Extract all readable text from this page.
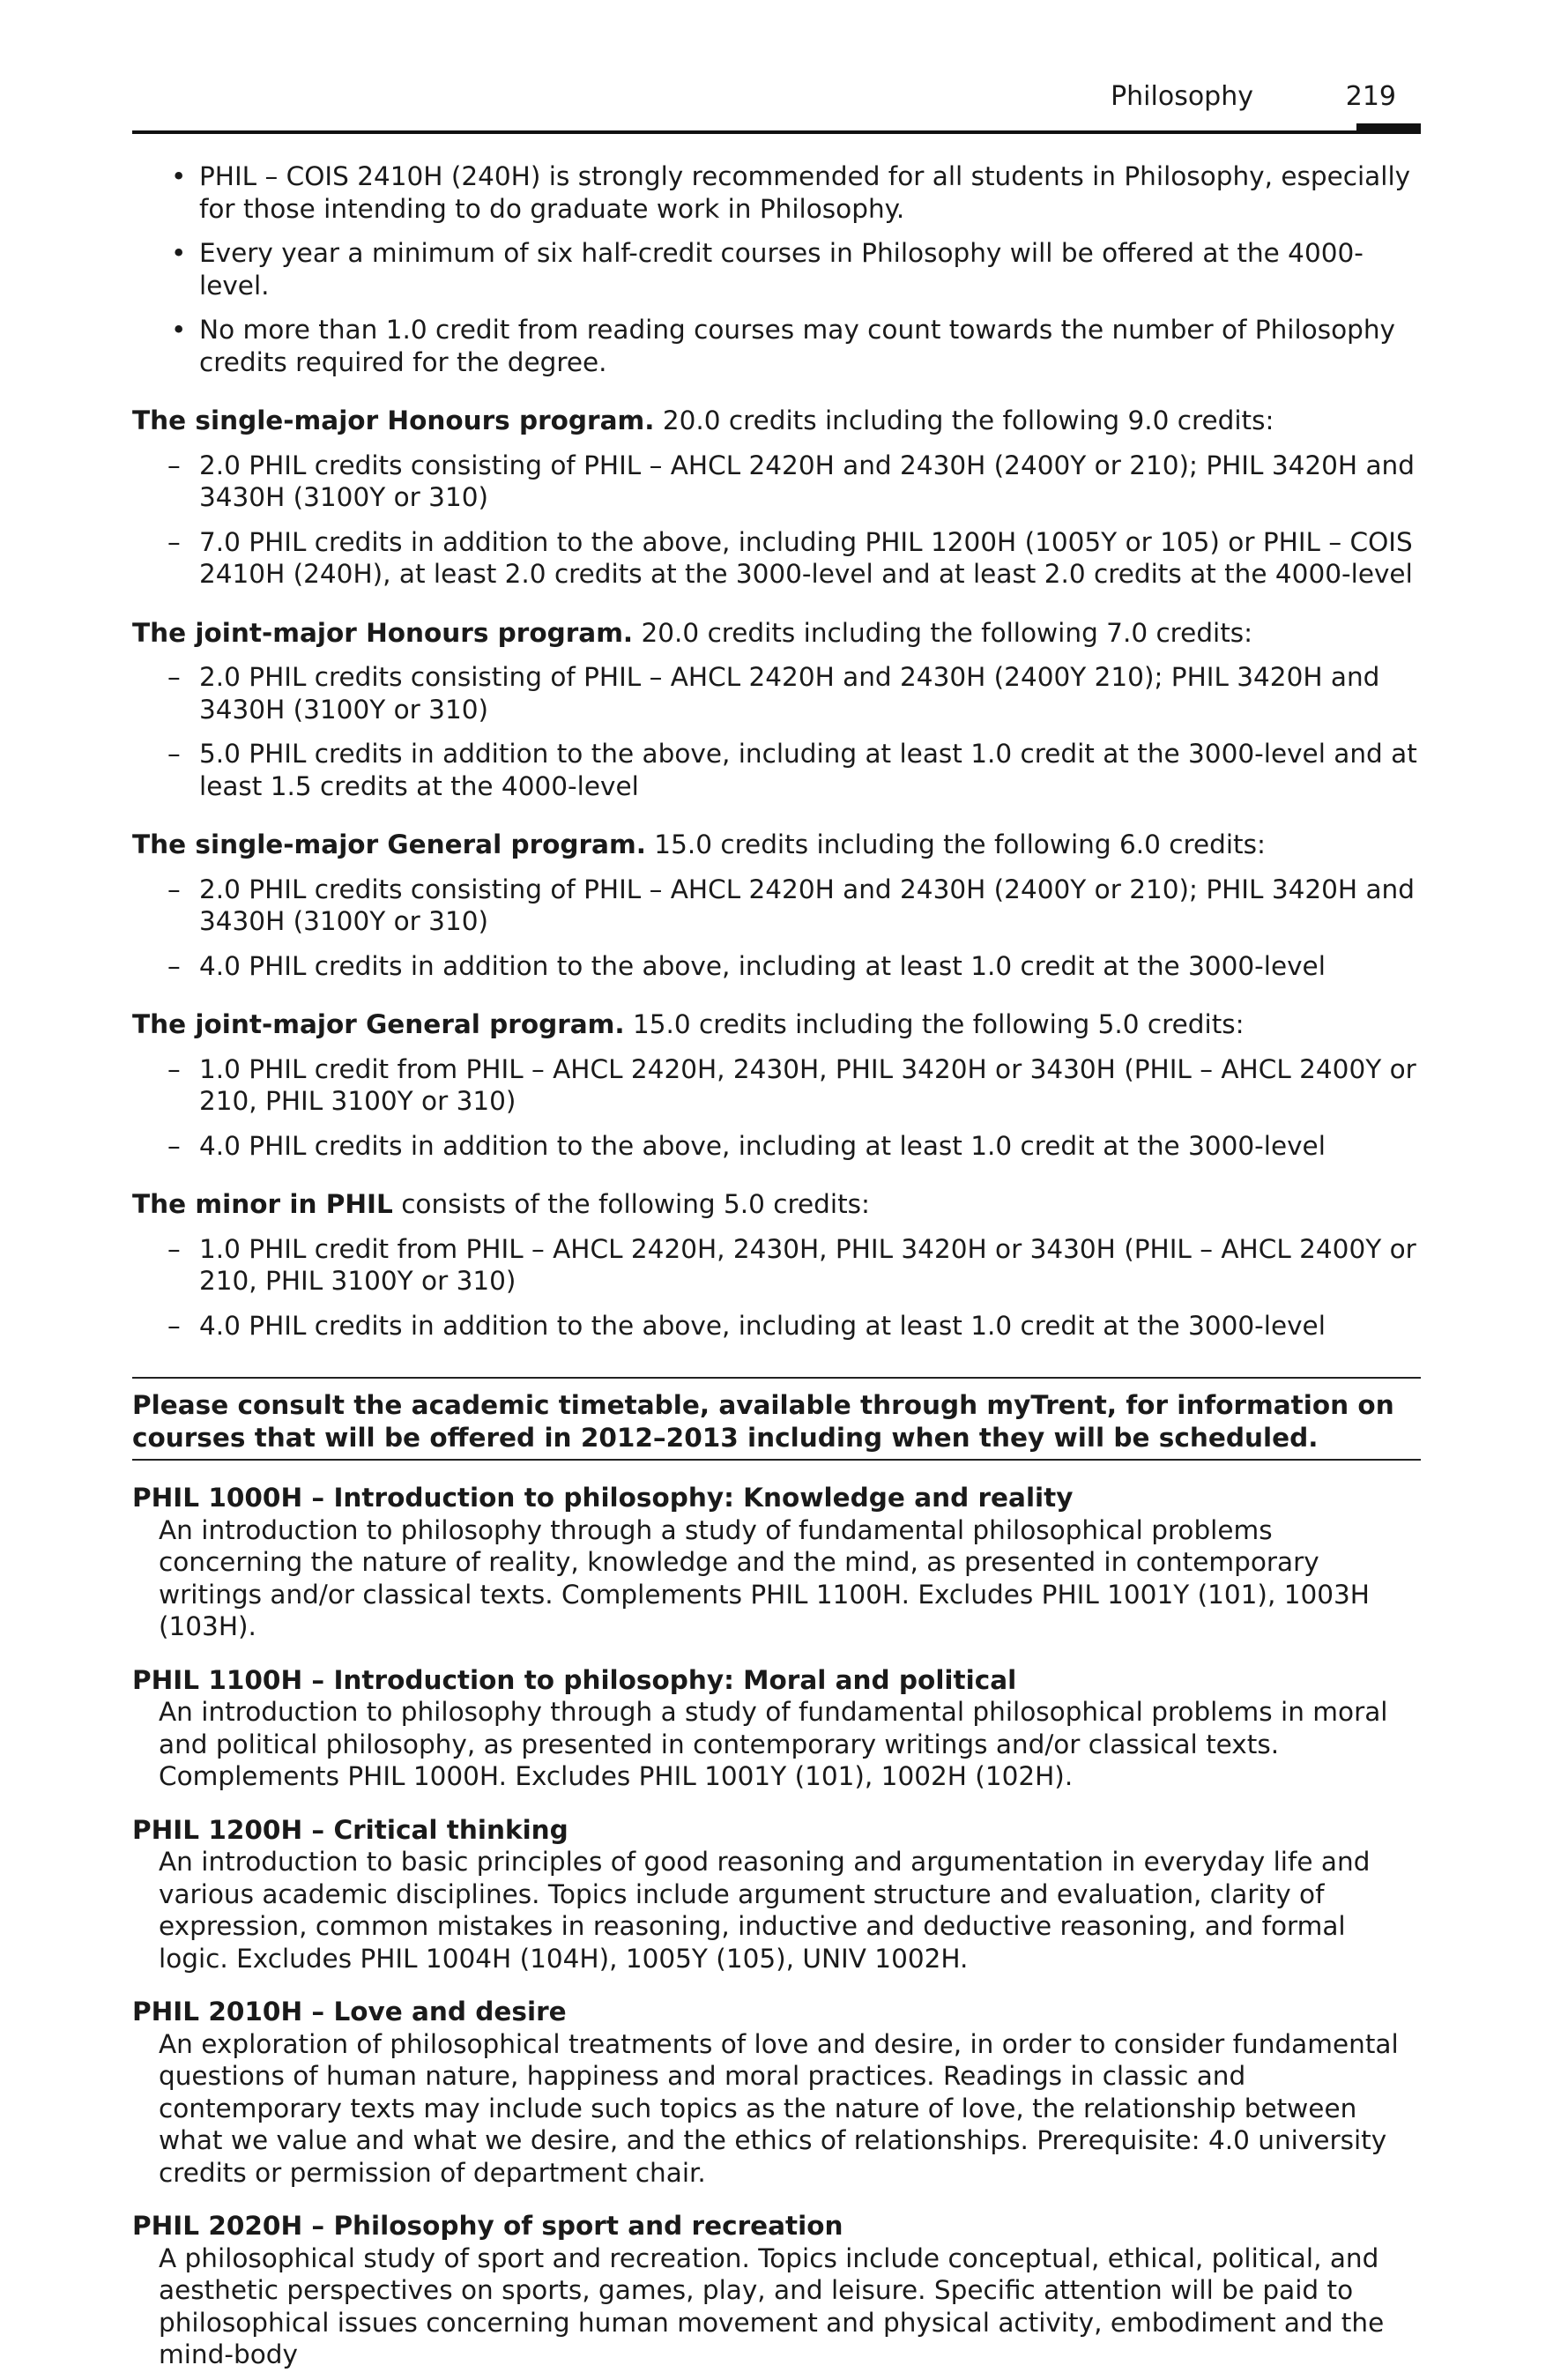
Philosophy	219
• PHIL – COIS 2410H (240H) is strongly recommended for all students in Philosophy, especially for those intending to do graduate work in Philosophy.
• Every year a minimum of six half-credit courses in Philosophy will be offered at the 4000-level.
• No more than 1.0 credit from reading courses may count towards the number of Philosophy credits required for the degree.
The single-major Honours program. 20.0 credits including the following 9.0 credits:
– 2.0 PHIL credits consisting of PHIL – AHCL 2420H and 2430H (2400Y or 210); PHIL 3420H and 3430H (3100Y or 310)
– 7.0 PHIL credits in addition to the above, including PHIL 1200H (1005Y or 105) or PHIL – COIS 2410H (240H), at least 2.0 credits at the 3000-level and at least 2.0 credits at the 4000-level
The joint-major Honours program. 20.0 credits including the following 7.0 credits:
– 2.0 PHIL credits consisting of PHIL – AHCL 2420H and 2430H (2400Y 210); PHIL 3420H and 3430H (3100Y or 310)
– 5.0 PHIL credits in addition to the above, including at least 1.0 credit at the 3000-level and at least 1.5 credits at the 4000-level
The single-major General program. 15.0 credits including the following 6.0 credits:
– 2.0 PHIL credits consisting of PHIL – AHCL 2420H and 2430H (2400Y or 210); PHIL 3420H and 3430H (3100Y or 310)
– 4.0 PHIL credits in addition to the above, including at least 1.0 credit at the 3000-level
The joint-major General program. 15.0 credits including the following 5.0 credits:
– 1.0 PHIL credit from PHIL – AHCL 2420H, 2430H, PHIL 3420H or 3430H (PHIL – AHCL 2400Y or 210, PHIL 3100Y or 310)
– 4.0 PHIL credits in addition to the above, including at least 1.0 credit at the 3000-level
The minor in PHIL consists of the following 5.0 credits:
– 1.0 PHIL credit from PHIL – AHCL 2420H, 2430H, PHIL 3420H or 3430H (PHIL – AHCL 2400Y or 210, PHIL 3100Y or 310)
– 4.0 PHIL credits in addition to the above, including at least 1.0 credit at the 3000-level
Please consult the academic timetable, available through myTrent, for information on courses that will be offered in 2012–2013 including when they will be scheduled.
PHIL 1000H – Introduction to philosophy: Knowledge and reality
An introduction to philosophy through a study of fundamental philosophical problems concerning the nature of reality, knowledge and the mind, as presented in contemporary writings and/or classical texts. Complements PHIL 1100H. Excludes PHIL 1001Y (101), 1003H (103H).
PHIL 1100H – Introduction to philosophy: Moral and political
An introduction to philosophy through a study of fundamental philosophical problems in moral and political philosophy, as presented in contemporary writings and/or classical texts. Complements PHIL 1000H. Excludes PHIL 1001Y (101), 1002H (102H).
PHIL 1200H – Critical thinking
An introduction to basic principles of good reasoning and argumentation in everyday life and various academic disciplines. Topics include argument structure and evaluation, clarity of expression, common mistakes in reasoning, inductive and deductive reasoning, and formal logic. Excludes PHIL 1004H (104H), 1005Y (105), UNIV 1002H.
PHIL 2010H – Love and desire
An exploration of philosophical treatments of love and desire, in order to consider fundamental questions of human nature, happiness and moral practices. Readings in classic and contemporary texts may include such topics as the nature of love, the relationship between what we value and what we desire, and the ethics of relationships. Prerequisite: 4.0 university credits or permission of department chair.
PHIL 2020H – Philosophy of sport and recreation
A philosophical study of sport and recreation. Topics include conceptual, ethical, political, and aesthetic perspectives on sports, games, play, and leisure. Specific attention will be paid to philosophical issues concerning human movement and physical activity, embodiment and the mind-body
